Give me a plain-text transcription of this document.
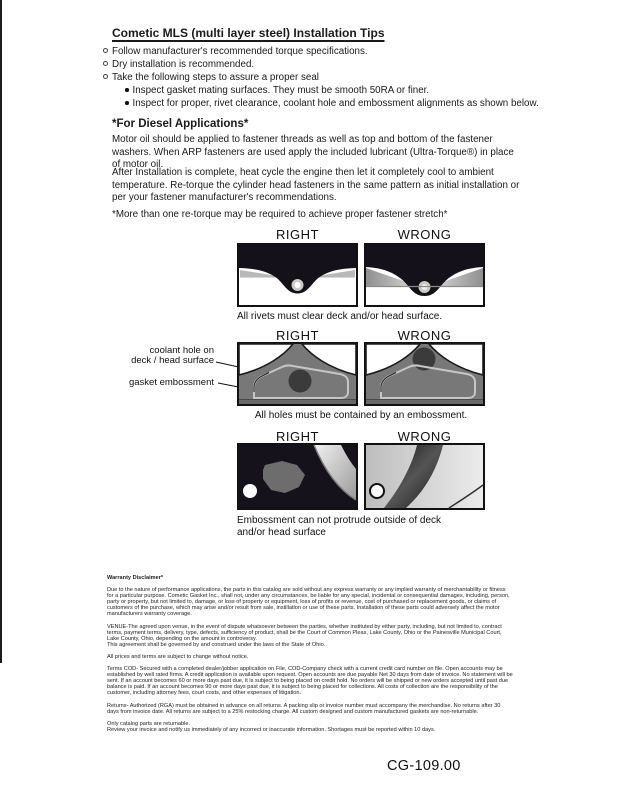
Cometic MLS (multi layer steel) Installation Tips
Follow manufacturer's recommended torque specifications.
Dry installation is recommended.
Take the following steps to assure a proper seal
Inspect gasket mating surfaces. They must be smooth 50RA or finer.
Inspect for proper, rivet clearance, coolant hole and embossment alignments as shown below.
*For Diesel Applications*
Motor oil should be applied to fastener threads as well as top and bottom of the fastener washers. When ARP fasteners are used apply the included lubricant (Ultra-Torque®) in place of motor oil.
After Installation is complete, heat cycle the engine then let it completely cool to ambient temperature. Re-torque the cylinder head fasteners in the same pattern as initial installation or per your fastener manufacturer's recommendations.
*More than one re-torque may be required to achieve proper fastener stretch*
RIGHT	WRONG
All rivets must clear deck and/or head surface.
RIGHT	WRONG
coolant hole on
deck / head surface
gasket embossment
All holes must be contained by an embossment.
RIGHT	WRONG
Embossment can not protrude outside of deck
and/or head surface
Warranty Disclaimer*

Due to the nature of performance applications, the parts in this catalog are sold without any express warranty or any implied warranty of merchantability or fitness for a particular purpose. Cometic Gasket Inc., shall not, under any circumstances, be liable for any special, incidental or consequential damages, including, person, party or property, but not limited to, damage, or loss of property or equipment, loss of profits or revenue, cost of purchased or replacement goods, or claims of customers of the purchase, which may arise and/or result from sale, instillation or use of these parts. Installation of these parts could adversely affect the motor manufacturers warranty coverage.

VENUE-The agreed upon venue, in the event of dispute whatsoever between the parties, whether instituted by either party, including, but not limited to, contract terms, payment terms, delivery, type, defects, sufficiency of product, shall be the Court of Common Pleas, Lake County, Ohio or the Painesville Municipal Court, Lake County, Ohio, depending on the amount in controversy.

This agreement shall be governed by and construed under the laws of the State of Ohio.

All prices and terms are subject to change without notice.

Terms COD- Secured with a completed dealer/jobber application on File, COD-Company check with a current credit card number on file. Open accounts may be established by well rated firms. A credit application is available upon request. Open accounts are due payable Net 30 days from date of invoice. No statement will be sent. If an account becomes 60 or more days past due, it is subject to being placed on credit hold. No orders will be shipped or new orders accepted until past due balance is paid. If an account becomes 90 or more days past due, it is subject to being placed for collections. All costs of collection are the responsibility of the customer, including attorney fees, court costs, and other expenses of litigation.

Returns- Authorized (RGA) must be obtained in advance on all returns. A packing slip or invoice number must accompany the merchandise. No returns after 30 days from invoice date. All returns are subject to a 25% restocking charge. All custom designed and custom manufactured gaskets are non-returnable.

Only catalog parts are returnable.

Review your invoice and notify us immediately of any incorrect or inaccurate information. Shortages must be reported within 10 days.

CG-109.00
